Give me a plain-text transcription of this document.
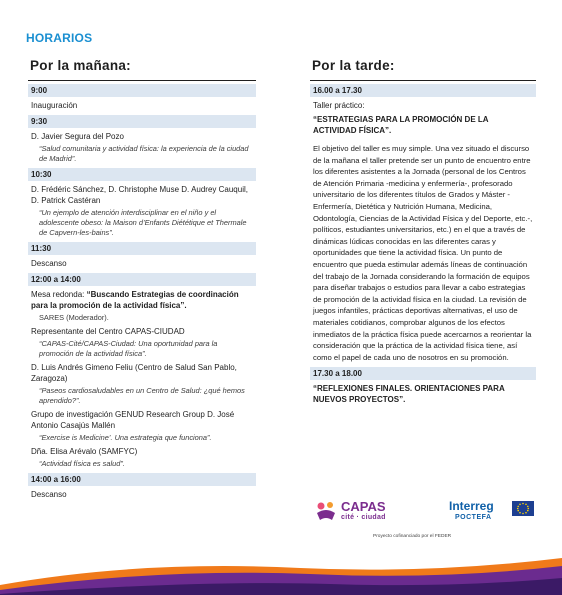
HORARIOS
Por la mañana:
9:00
Inauguración
9:30
D. Javier Segura del Pozo
“Salud comunitaria y actividad física: la experiencia de la ciudad de Madrid”.
10:30
D. Frédéric Sánchez, D. Christophe Muse D. Audrey Cauquil, D. Patrick Castéran
“Un ejemplo de atención interdisciplinar en el niño y el adolescente obeso: la Maison d’Enfants Diététique et Thermale de Capvern-les-bains”.
11:30
Descanso
12:00 a 14:00
Mesa redonda: “Buscando Estrategias de coordinación para la promoción de la actividad física”.
SARES (Moderador).
Representante del Centro CAPAS-CIUDAD
“CAPAS-Cité/CAPAS-Ciudad: Una oportunidad para la promoción de la actividad física”.
D. Luis Andrés Gimeno Feliu (Centro de Salud San Pablo, Zaragoza)
“Paseos cardiosaludables en un Centro de Salud: ¿qué hemos aprendido?”.
Grupo de investigación GENUD Research Group D. José Antonio Casajús Mallén
“Exercise is Medicine’. Una estrategia que funciona”.
Dña. Elisa Arévalo (SAMFYC)
“Actividad física es salud”.
14:00 a 16:00
Descanso
Por la tarde:
16.00 a 17.30
Taller práctico:
“ESTRATEGIAS PARA LA PROMOCIÓN DE LA ACTIVIDAD FÍSICA”.
El objetivo del taller es muy simple. Una vez situado el discurso de la mañana el taller pretende ser un punto de encuentro entre los diferentes asistentes a la Jornada (personal de los Centros de Atención Primaria -medicina y enfermería-, profesorado universitario de los diferentes títulos de Grados y Máster -Enfermería, Dietética y Nutrición Humana, Medicina, Odontología, Ciencias de la Actividad Física y del Deporte, etc.-, políticos, estudiantes universitarios, etc.) en el que a través de dinámicas lúdicas conocidas en las diferentes caras y oportunidades que tiene la actividad física. Un punto de encuentro que pueda estimular además líneas de continuación del trabajo de la Jornada considerando la formación de equipos para diseñar trabajos o estudios para llevar a cabo estrategias de promoción de la actividad física en la ciudad. La revisión de juegos infantiles, prácticas deportivas alternativas, el uso de materiales cotidianos, comprobar algunos de los efectos inmediatos de la práctica física puede acercarnos a reorientar la consideración que la práctica de la actividad física tiene, así como el papel de cada uno de nosotros en su promoción.
17.30 a 18.00
“REFLEXIONES FINALES. ORIENTACIONES PARA NUEVOS PROYECTOS”.
CAPAS
cité · ciudad
Interreg
POCTEFA
Proyecto cofinanciado por el FEDER
